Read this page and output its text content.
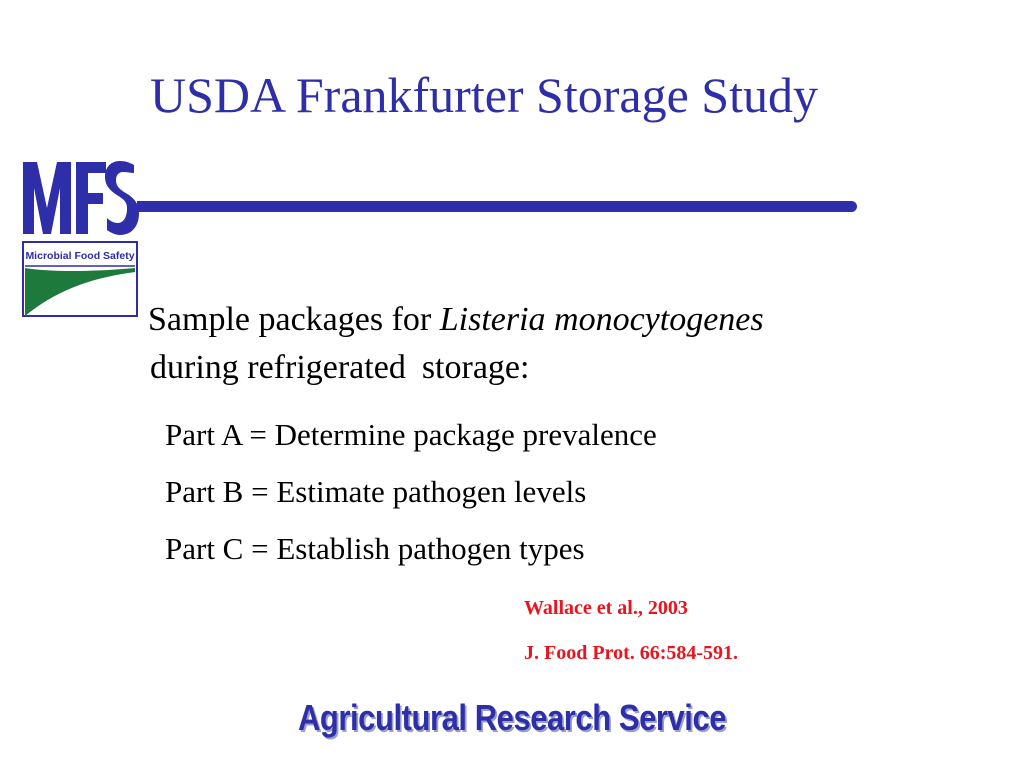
USDA Frankfurter Storage Study
Microbial Food Safety
Sample packages for Listeria monocytogenes
during refrigerated storage:
Part A = Determine package prevalence
Part B = Estimate pathogen levels
Part C = Establish pathogen types
Wallace et al., 2003
J. Food Prot. 66:584-591.
Agricultural Research Service
